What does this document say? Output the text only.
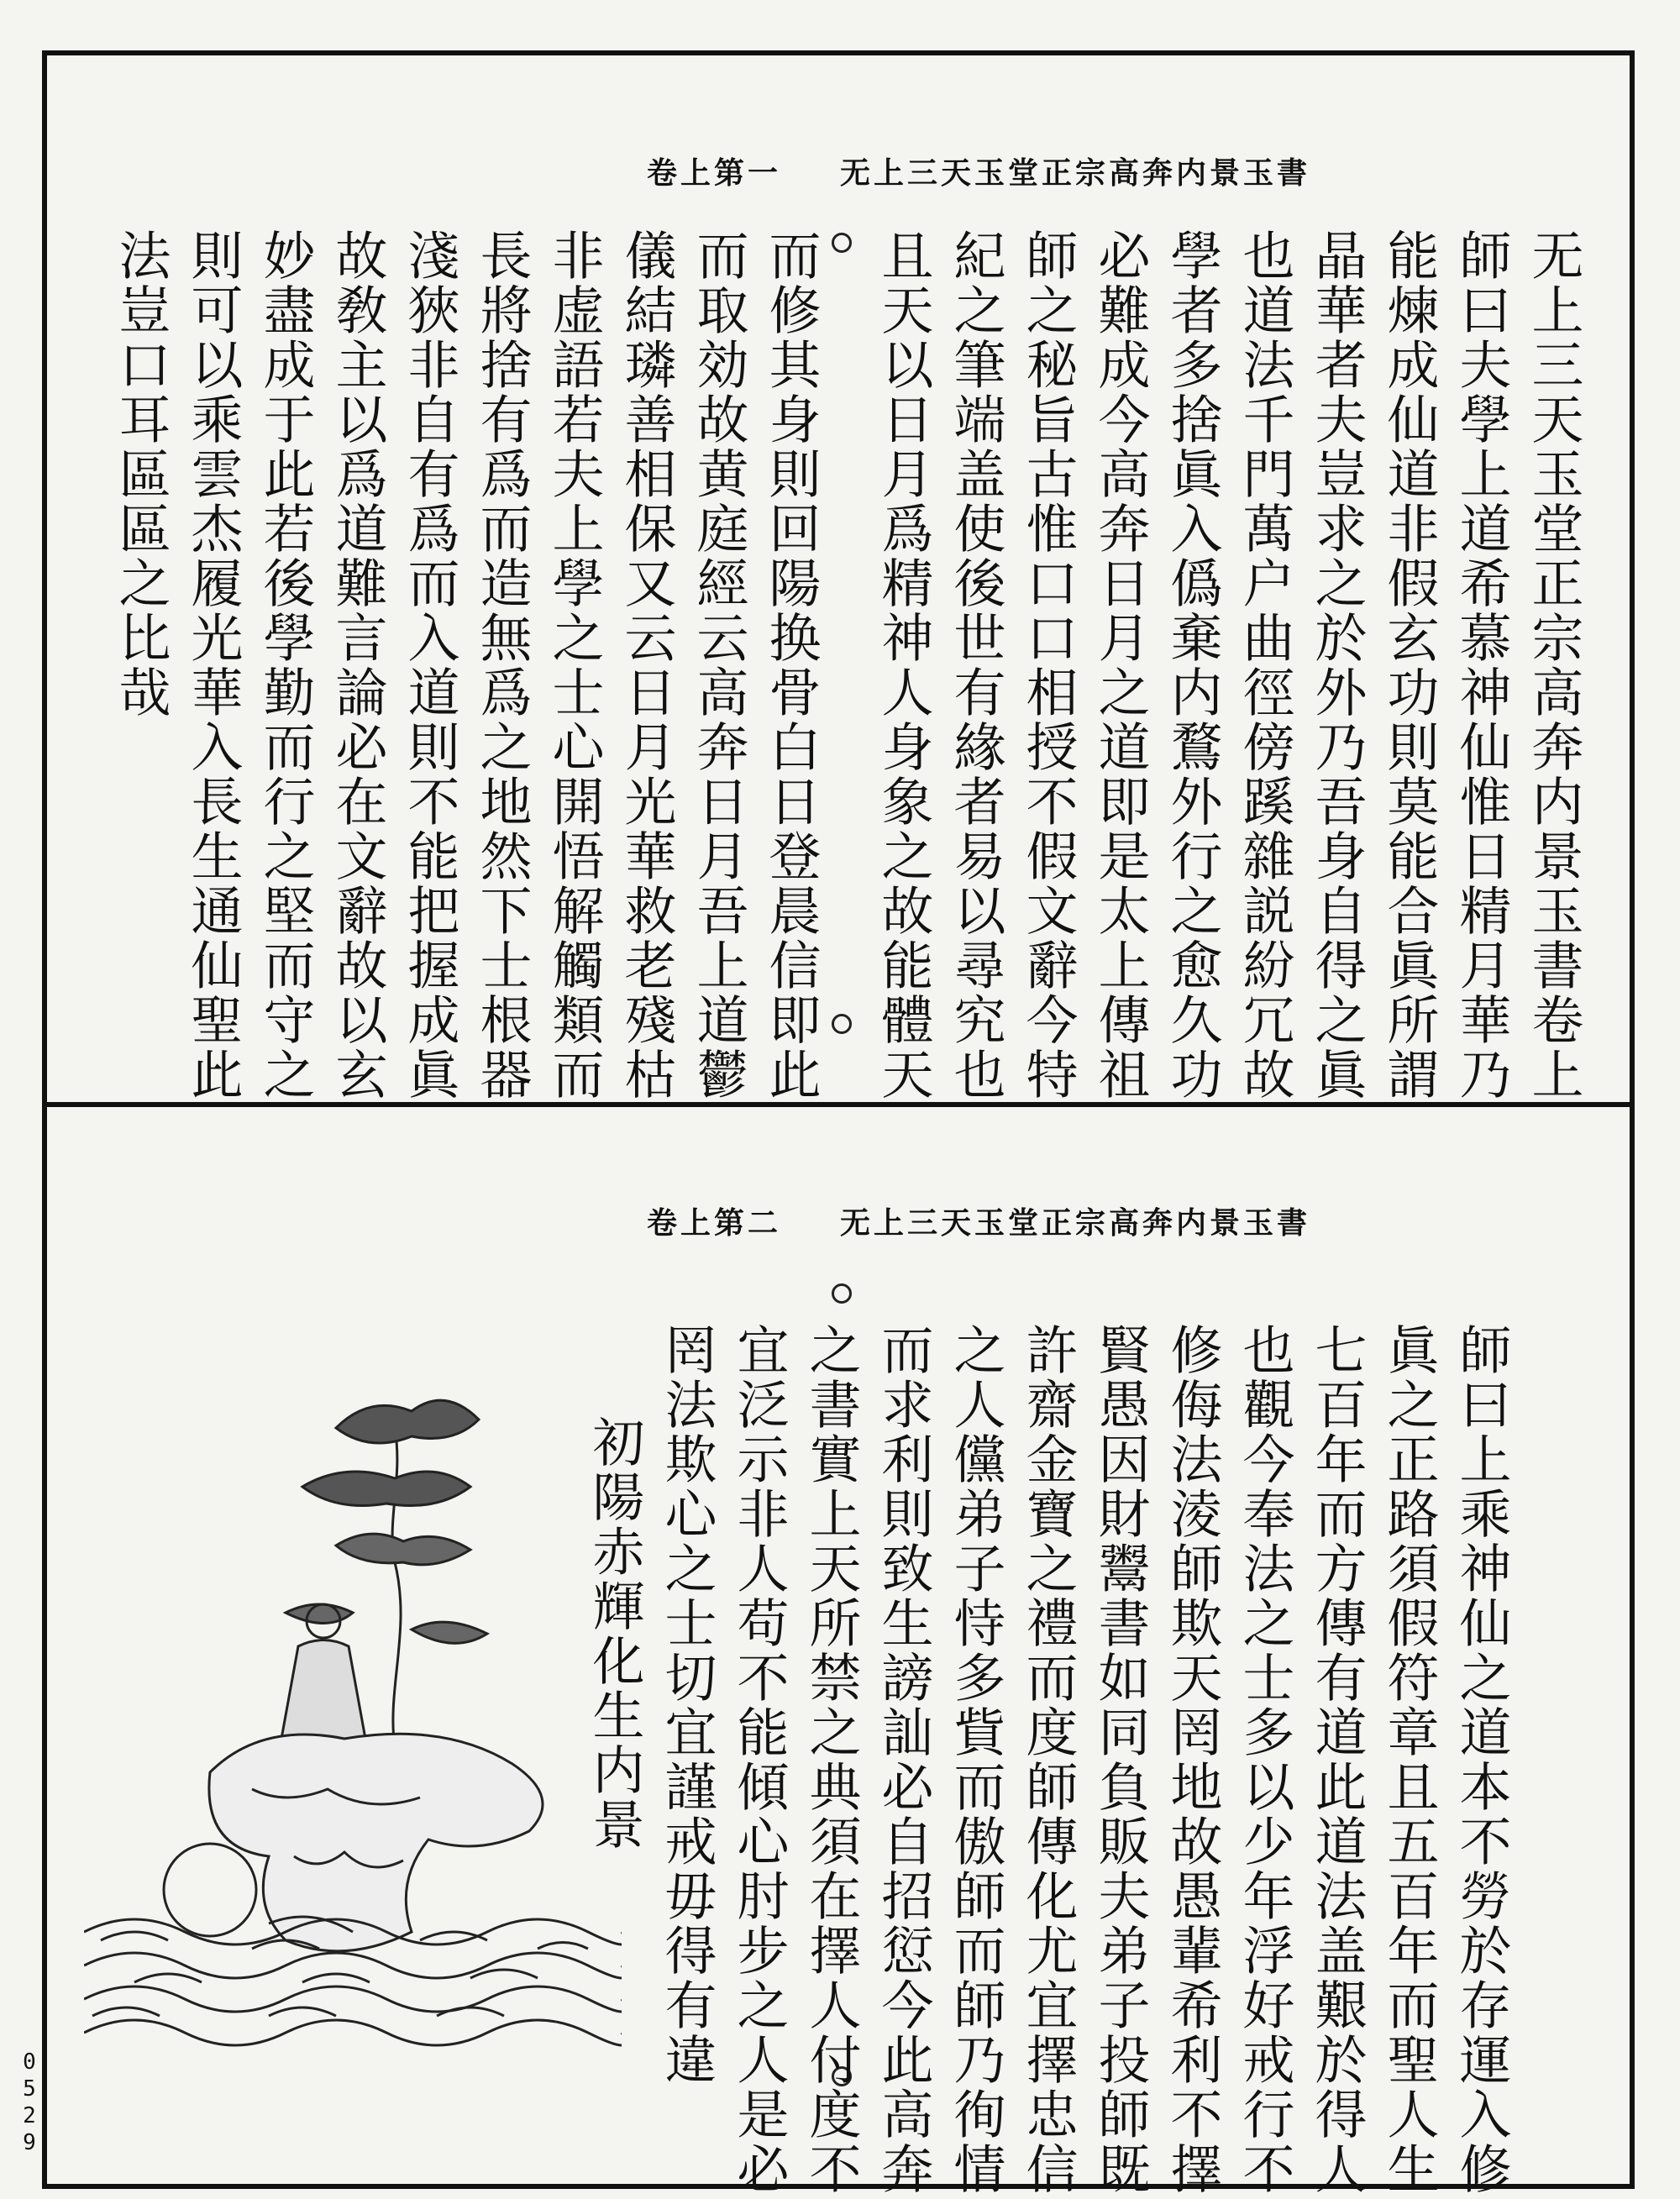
卷上第一 无上三天玉堂正宗高奔内景玉書
无上三天玉堂正宗高奔内景玉書卷上
師曰夫學上道希慕神仙惟日精月華乃
能煉成仙道非假玄功則莫能合眞所謂
晶華者夫豈求之於外乃吾身自得之眞
也道法千門萬户曲徑傍蹊雜説紛冗故
學者多捨眞入僞棄内鶩外行之愈久功
必難成今高奔日月之道即是太上傳祖
師之秘旨古惟口口相授不假文辭今特
紀之筆端盖使後世有緣者易以尋究也
且天以日月爲精神人身象之故能體天
而修其身則回陽换骨白日登晨信即此
而取効故黄庭經云高奔日月吾上道鬱
儀結璘善相保又云日月光華救老殘枯
非虚語若夫上學之士心開悟解觸類而
長將捨有爲而造無爲之地然下士根器
淺狹非自有爲而入道則不能把握成眞
故敎主以爲道難言論必在文辭故以玄
妙盡成于此若後學勤而行之堅而守之
則可以乘雲杰履光華入長生通仙聖此
法豈口耳區區之比哉
卷上第二 无上三天玉堂正宗高奔内景玉書
師曰上乘神仙之道本不勞於存運入修
眞之正路須假符章且五百年而聖人生
七百年而方傳有道此道法盖艱於得人
也觀今奉法之士多以少年浮好戒行不
修侮法淩師欺天罔地故愚輩希利不擇
賢愚因財鬻書如同負販夫弟子投師既
許齋金寶之禮而度師傳化尤宜擇忠信
之人儻弟子恃多貲而傲師而師乃徇情
而求利則致生謗訕必自招愆今此高奔
之書實上天所禁之典須在擇人付度不
宜泛示非人苟不能傾心肘步之人是必
罔法欺心之士切宜謹戒毋得有違
初陽赤輝化生内景
0529
